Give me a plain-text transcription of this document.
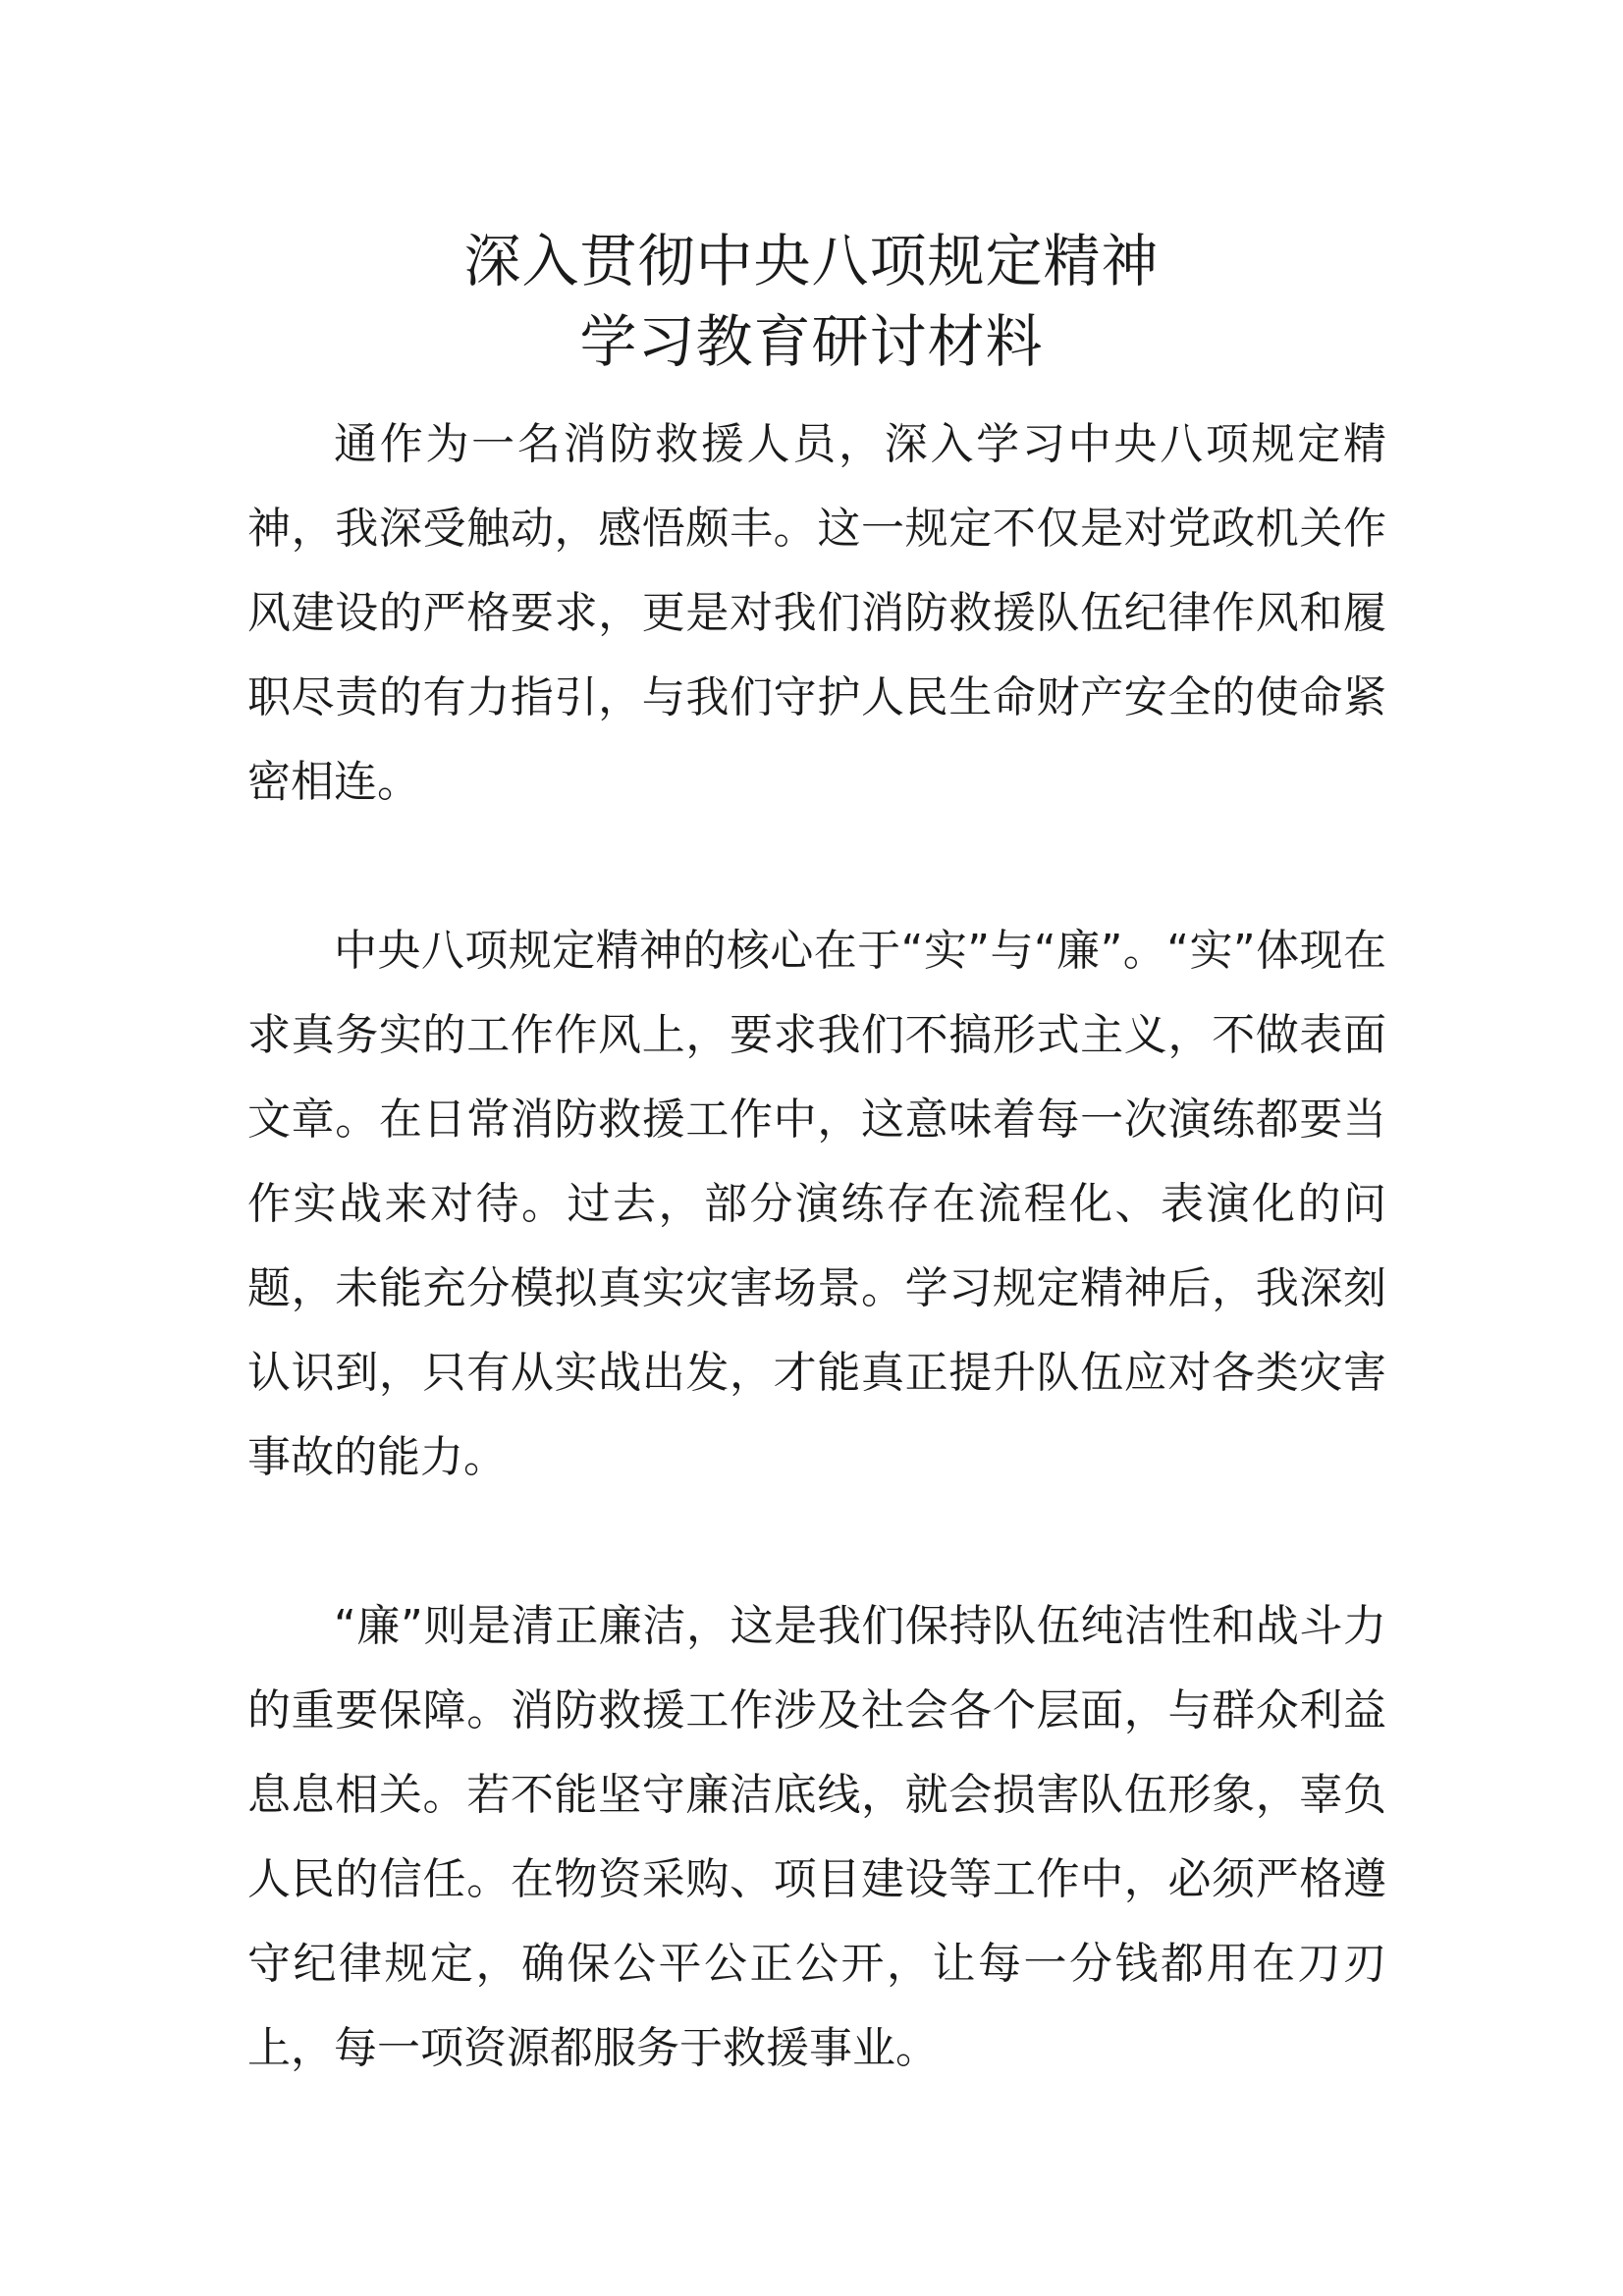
深入贯彻中央八项规定精神
学习教育研讨材料

通作为一名消防救援人员，深入学习中央八项规定精神，我深受触动，感悟颇丰。这一规定不仅是对党政机关作风建设的严格要求，更是对我们消防救援队伍纪律作风和履职尽责的有力指引，与我们守护人民生命财产安全的使命紧密相连。

中央八项规定精神的核心在于“实”与“廉”。“实”体现在求真务实的工作作风上，要求我们不搞形式主义，不做表面文章。在日常消防救援工作中，这意味着每一次演练都要当作实战来对待。过去，部分演练存在流程化、表演化的问题，未能充分模拟真实灾害场景。学习规定精神后，我深刻认识到，只有从实战出发，才能真正提升队伍应对各类灾害事故的能力。

“廉”则是清正廉洁，这是我们保持队伍纯洁性和战斗力的重要保障。消防救援工作涉及社会各个层面，与群众利益息息相关。若不能坚守廉洁底线，就会损害队伍形象，辜负人民的信任。在物资采购、项目建设等工作中，必须严格遵守纪律规定，确保公平公正公开，让每一分钱都用在刀刃上，每一项资源都服务于救援事业。
